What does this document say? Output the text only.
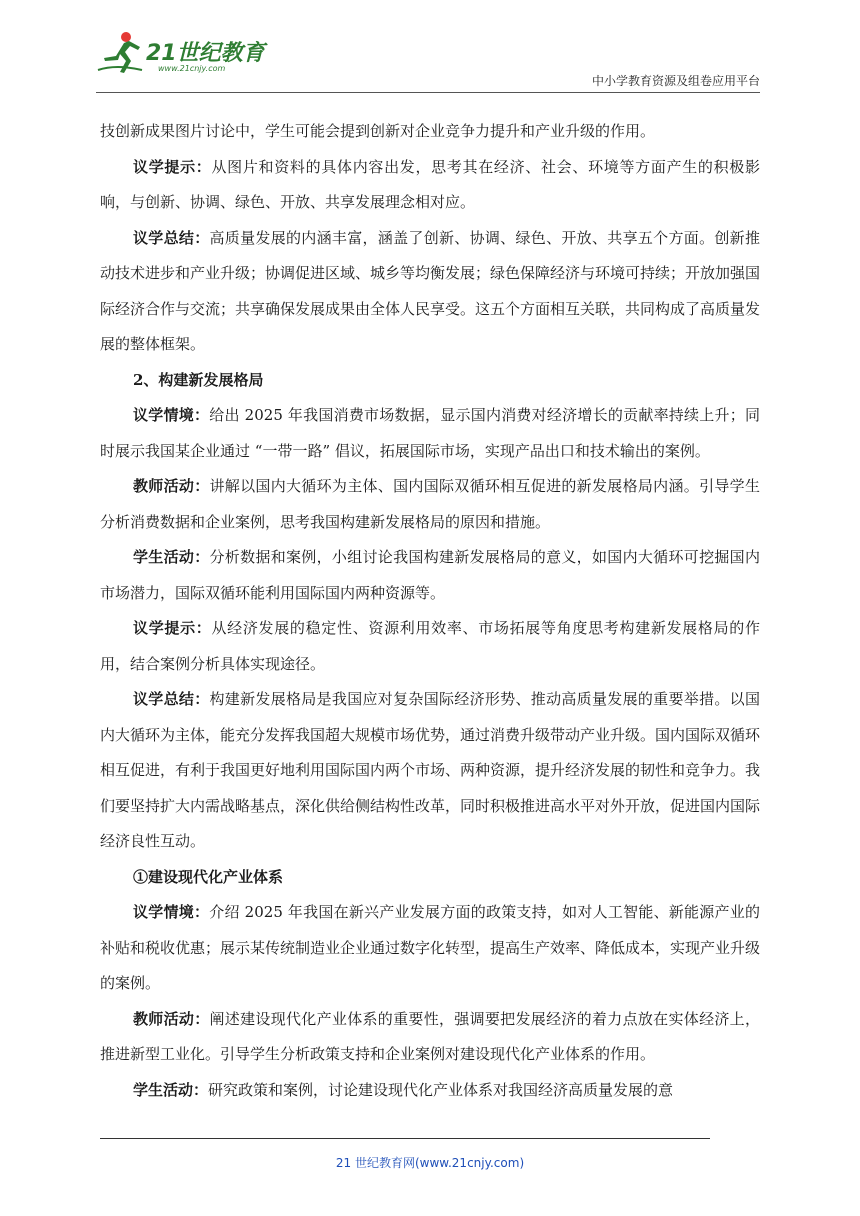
21世纪教育
www.21cnjy.com
中小学教育资源及组卷应用平台

技创新成果图片讨论中，学生可能会提到创新对企业竞争力提升和产业升级的作用。

议学提示：从图片和资料的具体内容出发，思考其在经济、社会、环境等方面产生的积极影响，与创新、协调、绿色、开放、共享发展理念相对应。

议学总结：高质量发展的内涵丰富，涵盖了创新、协调、绿色、开放、共享五个方面。创新推动技术进步和产业升级；协调促进区域、城乡等均衡发展；绿色保障经济与环境可持续；开放加强国际经济合作与交流；共享确保发展成果由全体人民享受。这五个方面相互关联，共同构成了高质量发展的整体框架。

2、构建新发展格局

议学情境：给出 2025 年我国消费市场数据，显示国内消费对经济增长的贡献率持续上升；同时展示我国某企业通过 “一带一路” 倡议，拓展国际市场，实现产品出口和技术输出的案例。

教师活动：讲解以国内大循环为主体、国内国际双循环相互促进的新发展格局内涵。引导学生分析消费数据和企业案例，思考我国构建新发展格局的原因和措施。

学生活动：分析数据和案例，小组讨论我国构建新发展格局的意义，如国内大循环可挖掘国内市场潜力，国际双循环能利用国际国内两种资源等。

议学提示：从经济发展的稳定性、资源利用效率、市场拓展等角度思考构建新发展格局的作用，结合案例分析具体实现途径。

议学总结：构建新发展格局是我国应对复杂国际经济形势、推动高质量发展的重要举措。以国内大循环为主体，能充分发挥我国超大规模市场优势，通过消费升级带动产业升级。国内国际双循环相互促进，有利于我国更好地利用国际国内两个市场、两种资源，提升经济发展的韧性和竞争力。我们要坚持扩大内需战略基点，深化供给侧结构性改革，同时积极推进高水平对外开放，促进国内国际经济良性互动。

①建设现代化产业体系

议学情境：介绍 2025 年我国在新兴产业发展方面的政策支持，如对人工智能、新能源产业的补贴和税收优惠；展示某传统制造业企业通过数字化转型，提高生产效率、降低成本，实现产业升级的案例。

教师活动：阐述建设现代化产业体系的重要性，强调要把发展经济的着力点放在实体经济上，推进新型工业化。引导学生分析政策支持和企业案例对建设现代化产业体系的作用。

学生活动：研究政策和案例，讨论建设现代化产业体系对我国经济高质量发展的意

21 世纪教育网(www.21cnjy.com)
